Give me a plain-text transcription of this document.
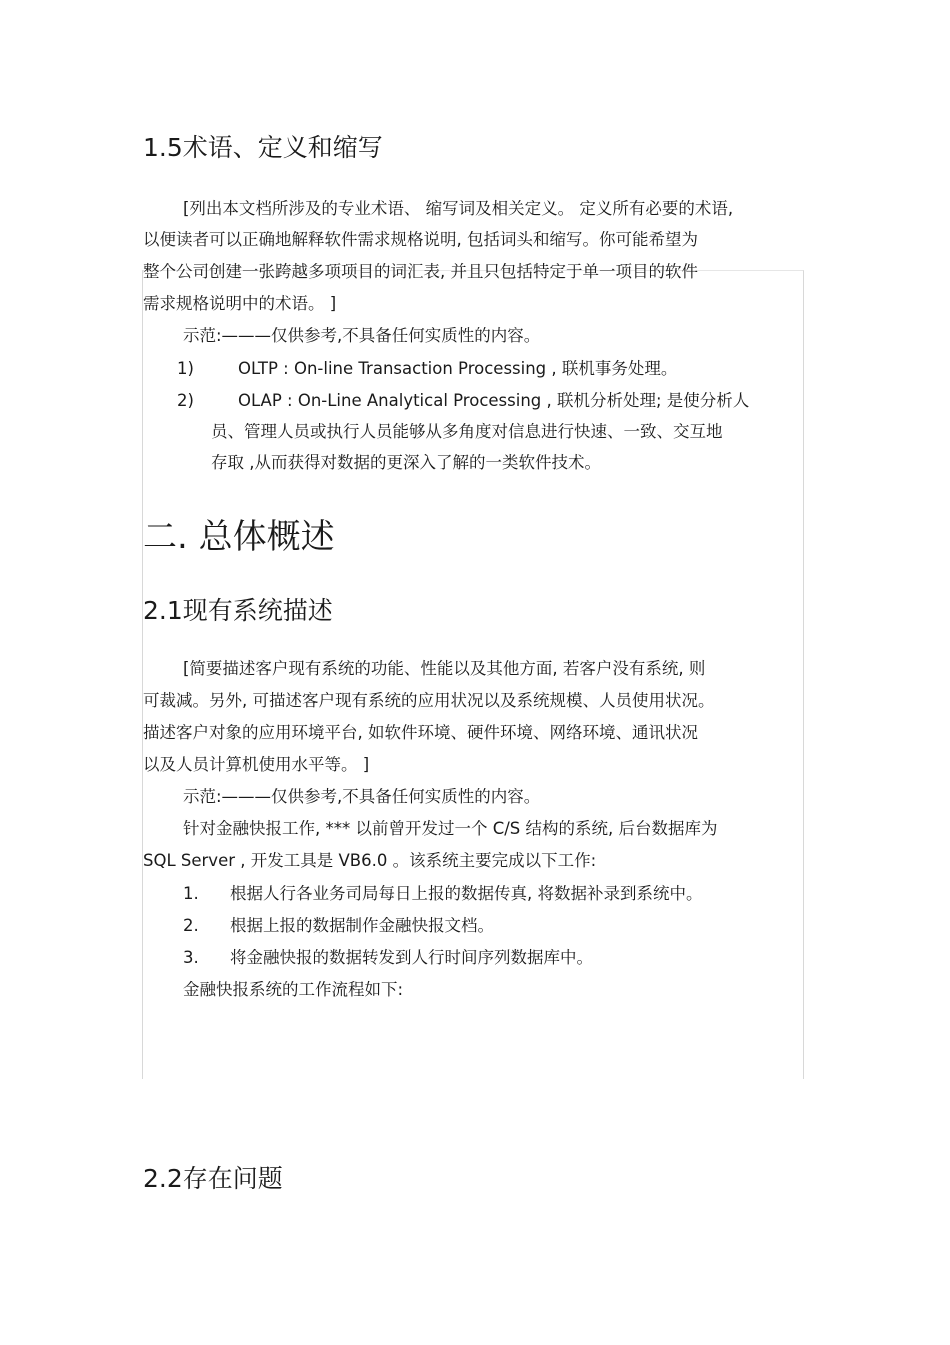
1.5术语、定义和缩写
[列出本文档所涉及的专业术语、 缩写词及相关定义。 定义所有必要的术语,
以便读者可以正确地解释软件需求规格说明, 包括词头和缩写。你可能希望为
整个公司创建一张跨越多项项目的词汇表, 并且只包括特定于单一项目的软件
需求规格说明中的术语。 ]
示范:———仅供参考,不具备任何实质性的内容。
1)	OLTP : On-line Transaction Processing , 联机事务处理。
2)	OLAP : On-Line Analytical Processing , 联机分析处理; 是使分析人
员、管理人员或执行人员能够从多角度对信息进行快速、一致、交互地
存取 ,从而获得对数据的更深入了解的一类软件技术。
二. 总体概述
2.1现有系统描述
[简要描述客户现有系统的功能、性能以及其他方面, 若客户没有系统, 则
可裁减。另外, 可描述客户现有系统的应用状况以及系统规模、人员使用状况。
描述客户对象的应用环境平台, 如软件环境、硬件环境、网络环境、通讯状况
以及人员计算机使用水平等。 ]
示范:———仅供参考,不具备任何实质性的内容。
针对金融快报工作, *** 以前曾开发过一个 C/S 结构的系统, 后台数据库为
SQL Server , 开发工具是 VB6.0 。该系统主要完成以下工作:
1. 根据人行各业务司局每日上报的数据传真, 将数据补录到系统中。
2. 根据上报的数据制作金融快报文档。
3. 将金融快报的数据转发到人行时间序列数据库中。
金融快报系统的工作流程如下:
2.2存在问题
